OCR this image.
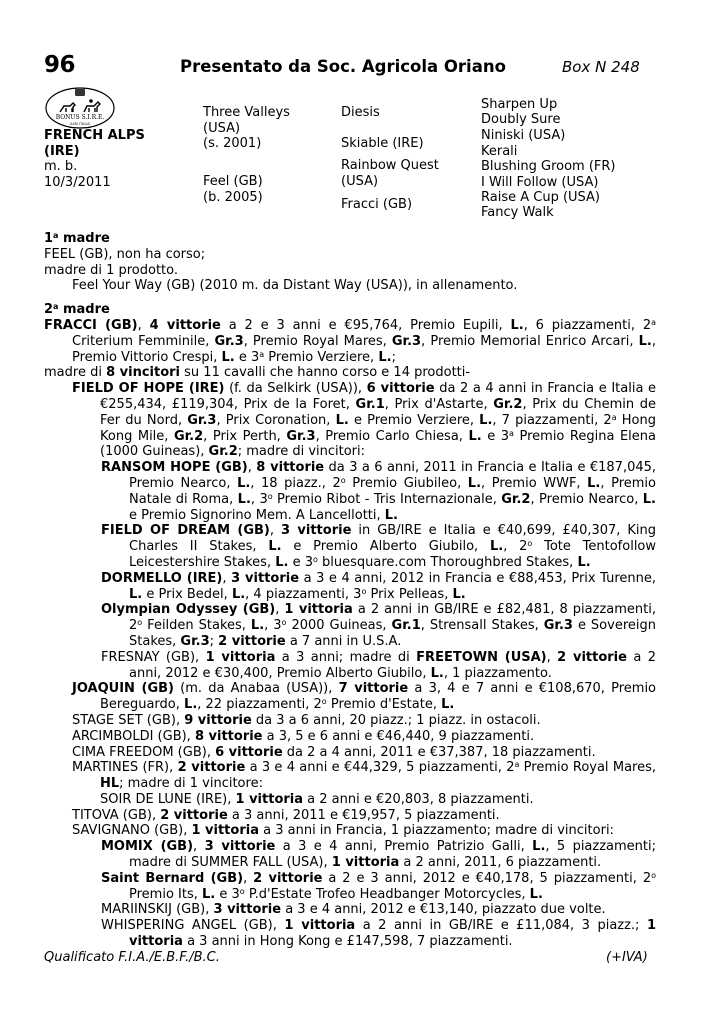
96	Presentato da Soc. Agricola Oriano	Box N 248
BONUS S.I.R.E.
ASSI ITALIA
FRENCH ALPS (IRE)
m. b.
10/3/2011
Three Valleys (USA)
(s. 2001)
Feel (GB)
(b. 2005)
Diesis
Skiable (IRE)
Rainbow Quest (USA)
Fracci (GB)
Sharpen Up
Doubly Sure
Niniski (USA)
Kerali
Blushing Groom (FR)
I Will Follow (USA)
Raise A Cup (USA)
Fancy Walk

1$^a$ madre

FEEL (GB), non ha corso;

madre di 1 prodotto.

Feel Your Way (GB) (2010 m. da Distant Way (USA)), in allenamento.

2$^a$ madre

FRACCI (GB), 4 vittorie a 2 e 3 anni e €95,764, Premio Eupili, L., 6 piazzamenti, 2$^a$ Criterium Femminile, Gr.3, Premio Royal Mares, Gr.3, Premio Memorial Enrico Arcari, L., Premio Vittorio Crespi, L. e 3$^a$ Premio Verziere, L.;

madre di 8 vincitori su 11 cavalli che hanno corso e 14 prodotti-

FIELD OF HOPE (IRE) (f. da Selkirk (USA)), 6 vittorie da 2 a 4 anni in Francia e Italia e €255,434, £119,304, Prix de la Foret, Gr.1, Prix d'Astarte, Gr.2, Prix du Chemin de Fer du Nord, Gr.3, Prix Coronation, L. e Premio Verziere, L., 7 piazzamenti, 2$^a$ Hong Kong Mile, Gr.2, Prix Perth, Gr.3, Premio Carlo Chiesa, L. e 3$^a$ Premio Regina Elena (1000 Guineas), Gr.2; madre di vincitori:

RANSOM HOPE (GB), 8 vittorie da 3 a 6 anni, 2011 in Francia e Italia e €187,045, Premio Nearco, L., 18 piazz., 2$^o$ Premio Giubileo, L., Premio WWF, L., Premio Natale di Roma, L., 3$^o$ Premio Ribot - Tris Internazionale, Gr.2, Premio Nearco, L. e Premio Signorino Mem. A Lancellotti, L.

FIELD OF DREAM (GB), 3 vittorie in GB/IRE e Italia e €40,699, £40,307, King Charles II Stakes, L. e Premio Alberto Giubilo, L., 2$^o$ Tote Tentofollow Leicestershire Stakes, L. e 3$^o$ bluesquare.com Thoroughbred Stakes, L.

DORMELLO (IRE), 3 vittorie a 3 e 4 anni, 2012 in Francia e €88,453, Prix Turenne, L. e Prix Bedel, L., 4 piazzamenti, 3$^o$ Prix Pelleas, L.

Olympian Odyssey (GB), 1 vittoria a 2 anni in GB/IRE e £82,481, 8 piazzamenti, 2$^o$ Feilden Stakes, L., 3$^o$ 2000 Guineas, Gr.1, Strensall Stakes, Gr.3 e Sovereign Stakes, Gr.3; 2 vittorie a 7 anni in U.S.A.

FRESNAY (GB), 1 vittoria a 3 anni; madre di FREETOWN (USA), 2 vittorie a 2 anni, 2012 e €30,400, Premio Alberto Giubilo, L., 1 piazzamento.

JOAQUIN (GB) (m. da Anabaa (USA)), 7 vittorie a 3, 4 e 7 anni e €108,670, Premio Bereguardo, L., 22 piazzamenti, 2$^o$ Premio d'Estate, L.

STAGE SET (GB), 9 vittorie da 3 a 6 anni, 20 piazz.; 1 piazz. in ostacoli.

ARCIMBOLDI (GB), 8 vittorie a 3, 5 e 6 anni e €46,440, 9 piazzamenti.

CIMA FREEDOM (GB), 6 vittorie da 2 a 4 anni, 2011 e €37,387, 18 piazzamenti.

MARTINES (FR), 2 vittorie a 3 e 4 anni e €44,329, 5 piazzamenti, 2$^a$ Premio Royal Mares, HL; madre di 1 vincitore:

SOIR DE LUNE (IRE), 1 vittoria a 2 anni e €20,803, 8 piazzamenti.

TITOVA (GB), 2 vittorie a 3 anni, 2011 e €19,957, 5 piazzamenti.

SAVIGNANO (GB), 1 vittoria a 3 anni in Francia, 1 piazzamento; madre di vincitori:

MOMIX (GB), 3 vittorie a 3 e 4 anni, Premio Patrizio Galli, L., 5 piazzamenti; madre di SUMMER FALL (USA), 1 vittoria a 2 anni, 2011, 6 piazzamenti.

Saint Bernard (GB), 2 vittorie a 2 e 3 anni, 2012 e €40,178, 5 piazzamenti, 2$^o$ Premio Its, L. e 3$^o$ P.d'Estate Trofeo Headbanger Motorcycles, L.

MARIINSKIJ (GB), 3 vittorie a 3 e 4 anni, 2012 e €13,140, piazzato due volte.

WHISPERING ANGEL (GB), 1 vittoria a 2 anni in GB/IRE e £11,084, 3 piazz.; 1 vittoria a 3 anni in Hong Kong e £147,598, 7 piazzamenti.

Qualificato F.I.A./E.B.F./B.C.	(+IVA)
